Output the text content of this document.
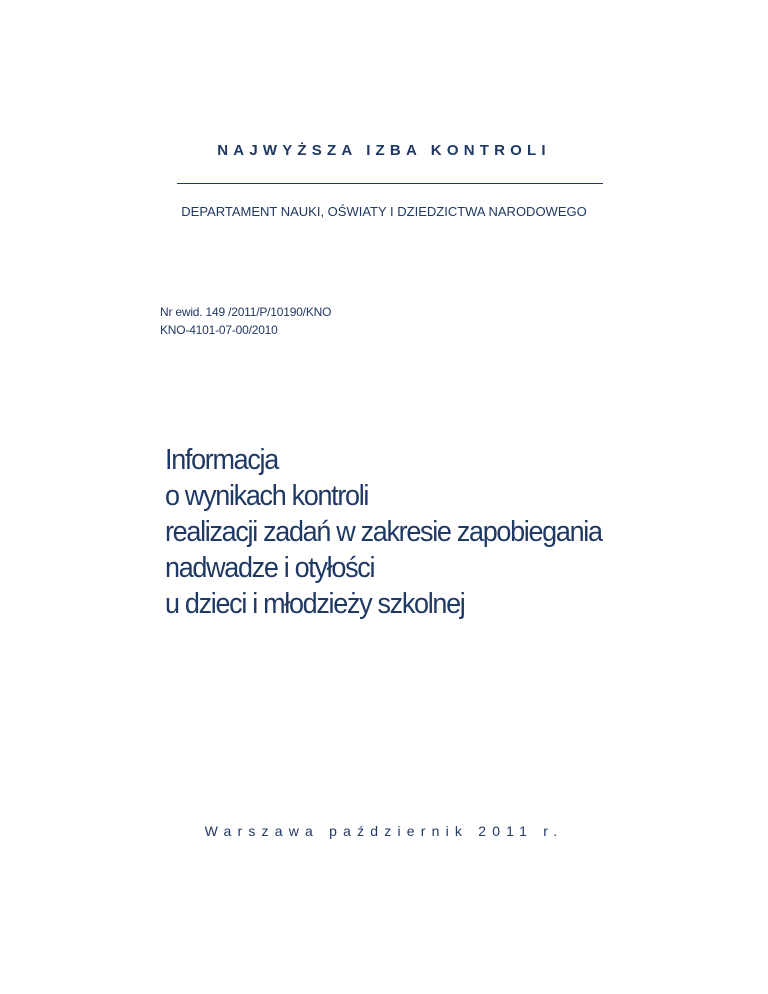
NAJWYŻSZA IZBA KONTROLI
DEPARTAMENT NAUKI, OŚWIATY I DZIEDZICTWA NARODOWEGO
Nr ewid. 149 /2011/P/10190/KNO
KNO-4101-07-00/2010
Informacja
o wynikach kontroli
realizacji zadań w zakresie zapobiegania
nadwadze i otyłości
u dzieci i młodzieży szkolnej
Warszawa październik 2011 r.
